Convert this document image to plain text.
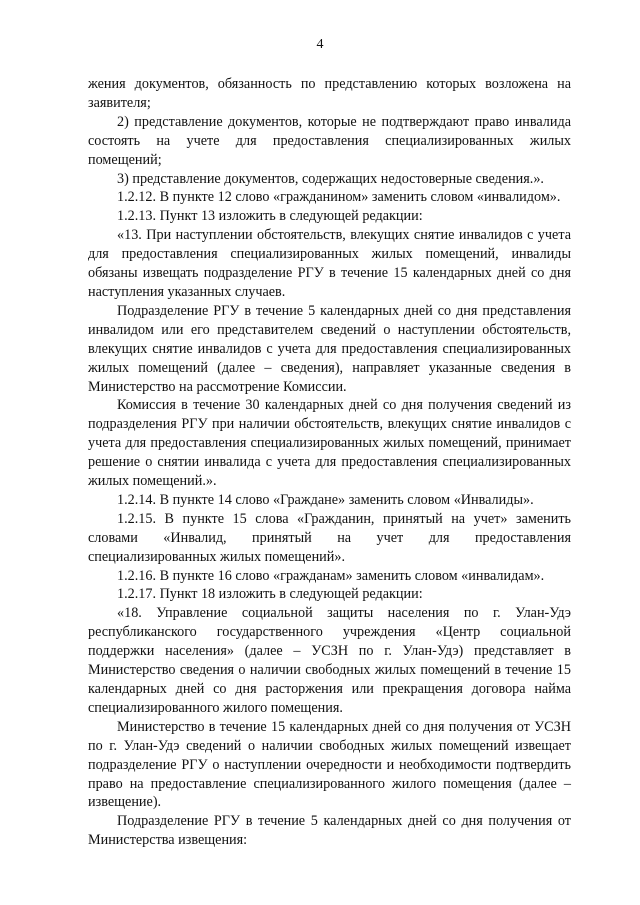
4

жения документов, обязанность по представлению которых возложена на заявителя;

2) представление документов, которые не подтверждают право инвалида состоять на учете для предоставления специализированных жилых помещений;

3) представление документов, содержащих недостоверные сведения.».

1.2.12. В пункте 12 слово «гражданином» заменить словом «инвалидом».

1.2.13. Пункт 13 изложить в следующей редакции:

«13. При наступлении обстоятельств, влекущих снятие инвалидов с учета для предоставления специализированных жилых помещений, инвалиды обязаны извещать подразделение РГУ в течение 15 календарных дней со дня наступления указанных случаев.

Подразделение РГУ в течение 5 календарных дней со дня представления инвалидом или его представителем сведений о наступлении обстоятельств, влекущих снятие инвалидов с учета для предоставления специализированных жилых помещений (далее – сведения), направляет указанные сведения в Министерство на рассмотрение Комиссии.

Комиссия в течение 30 календарных дней со дня получения сведений из подразделения РГУ при наличии обстоятельств, влекущих снятие инвалидов с учета для предоставления специализированных жилых помещений, принимает решение о снятии инвалида с учета для предоставления специализированных жилых помещений.».

1.2.14. В пункте 14 слово «Граждане» заменить словом «Инвалиды».

1.2.15. В пункте 15 слова «Гражданин, принятый на учет» заменить словами «Инвалид, принятый на учет для предоставления специализированных жилых помещений».

1.2.16. В пункте 16 слово «гражданам» заменить словом «инвалидам».

1.2.17. Пункт 18 изложить в следующей редакции:

«18. Управление социальной защиты населения по г. Улан-Удэ республиканского государственного учреждения «Центр социальной поддержки населения» (далее – УСЗН по г. Улан-Удэ) представляет в Министерство сведения о наличии свободных жилых помещений в течение 15 календарных дней со дня расторжения или прекращения договора найма специализированного жилого помещения.

Министерство в течение 15 календарных дней со дня получения от УСЗН по г. Улан-Удэ сведений о наличии свободных жилых помещений извещает подразделение РГУ о наступлении очередности и необходимости подтвердить право на предоставление специализированного жилого помещения (далее – извещение).

Подразделение РГУ в течение 5 календарных дней со дня получения от Министерства извещения:
